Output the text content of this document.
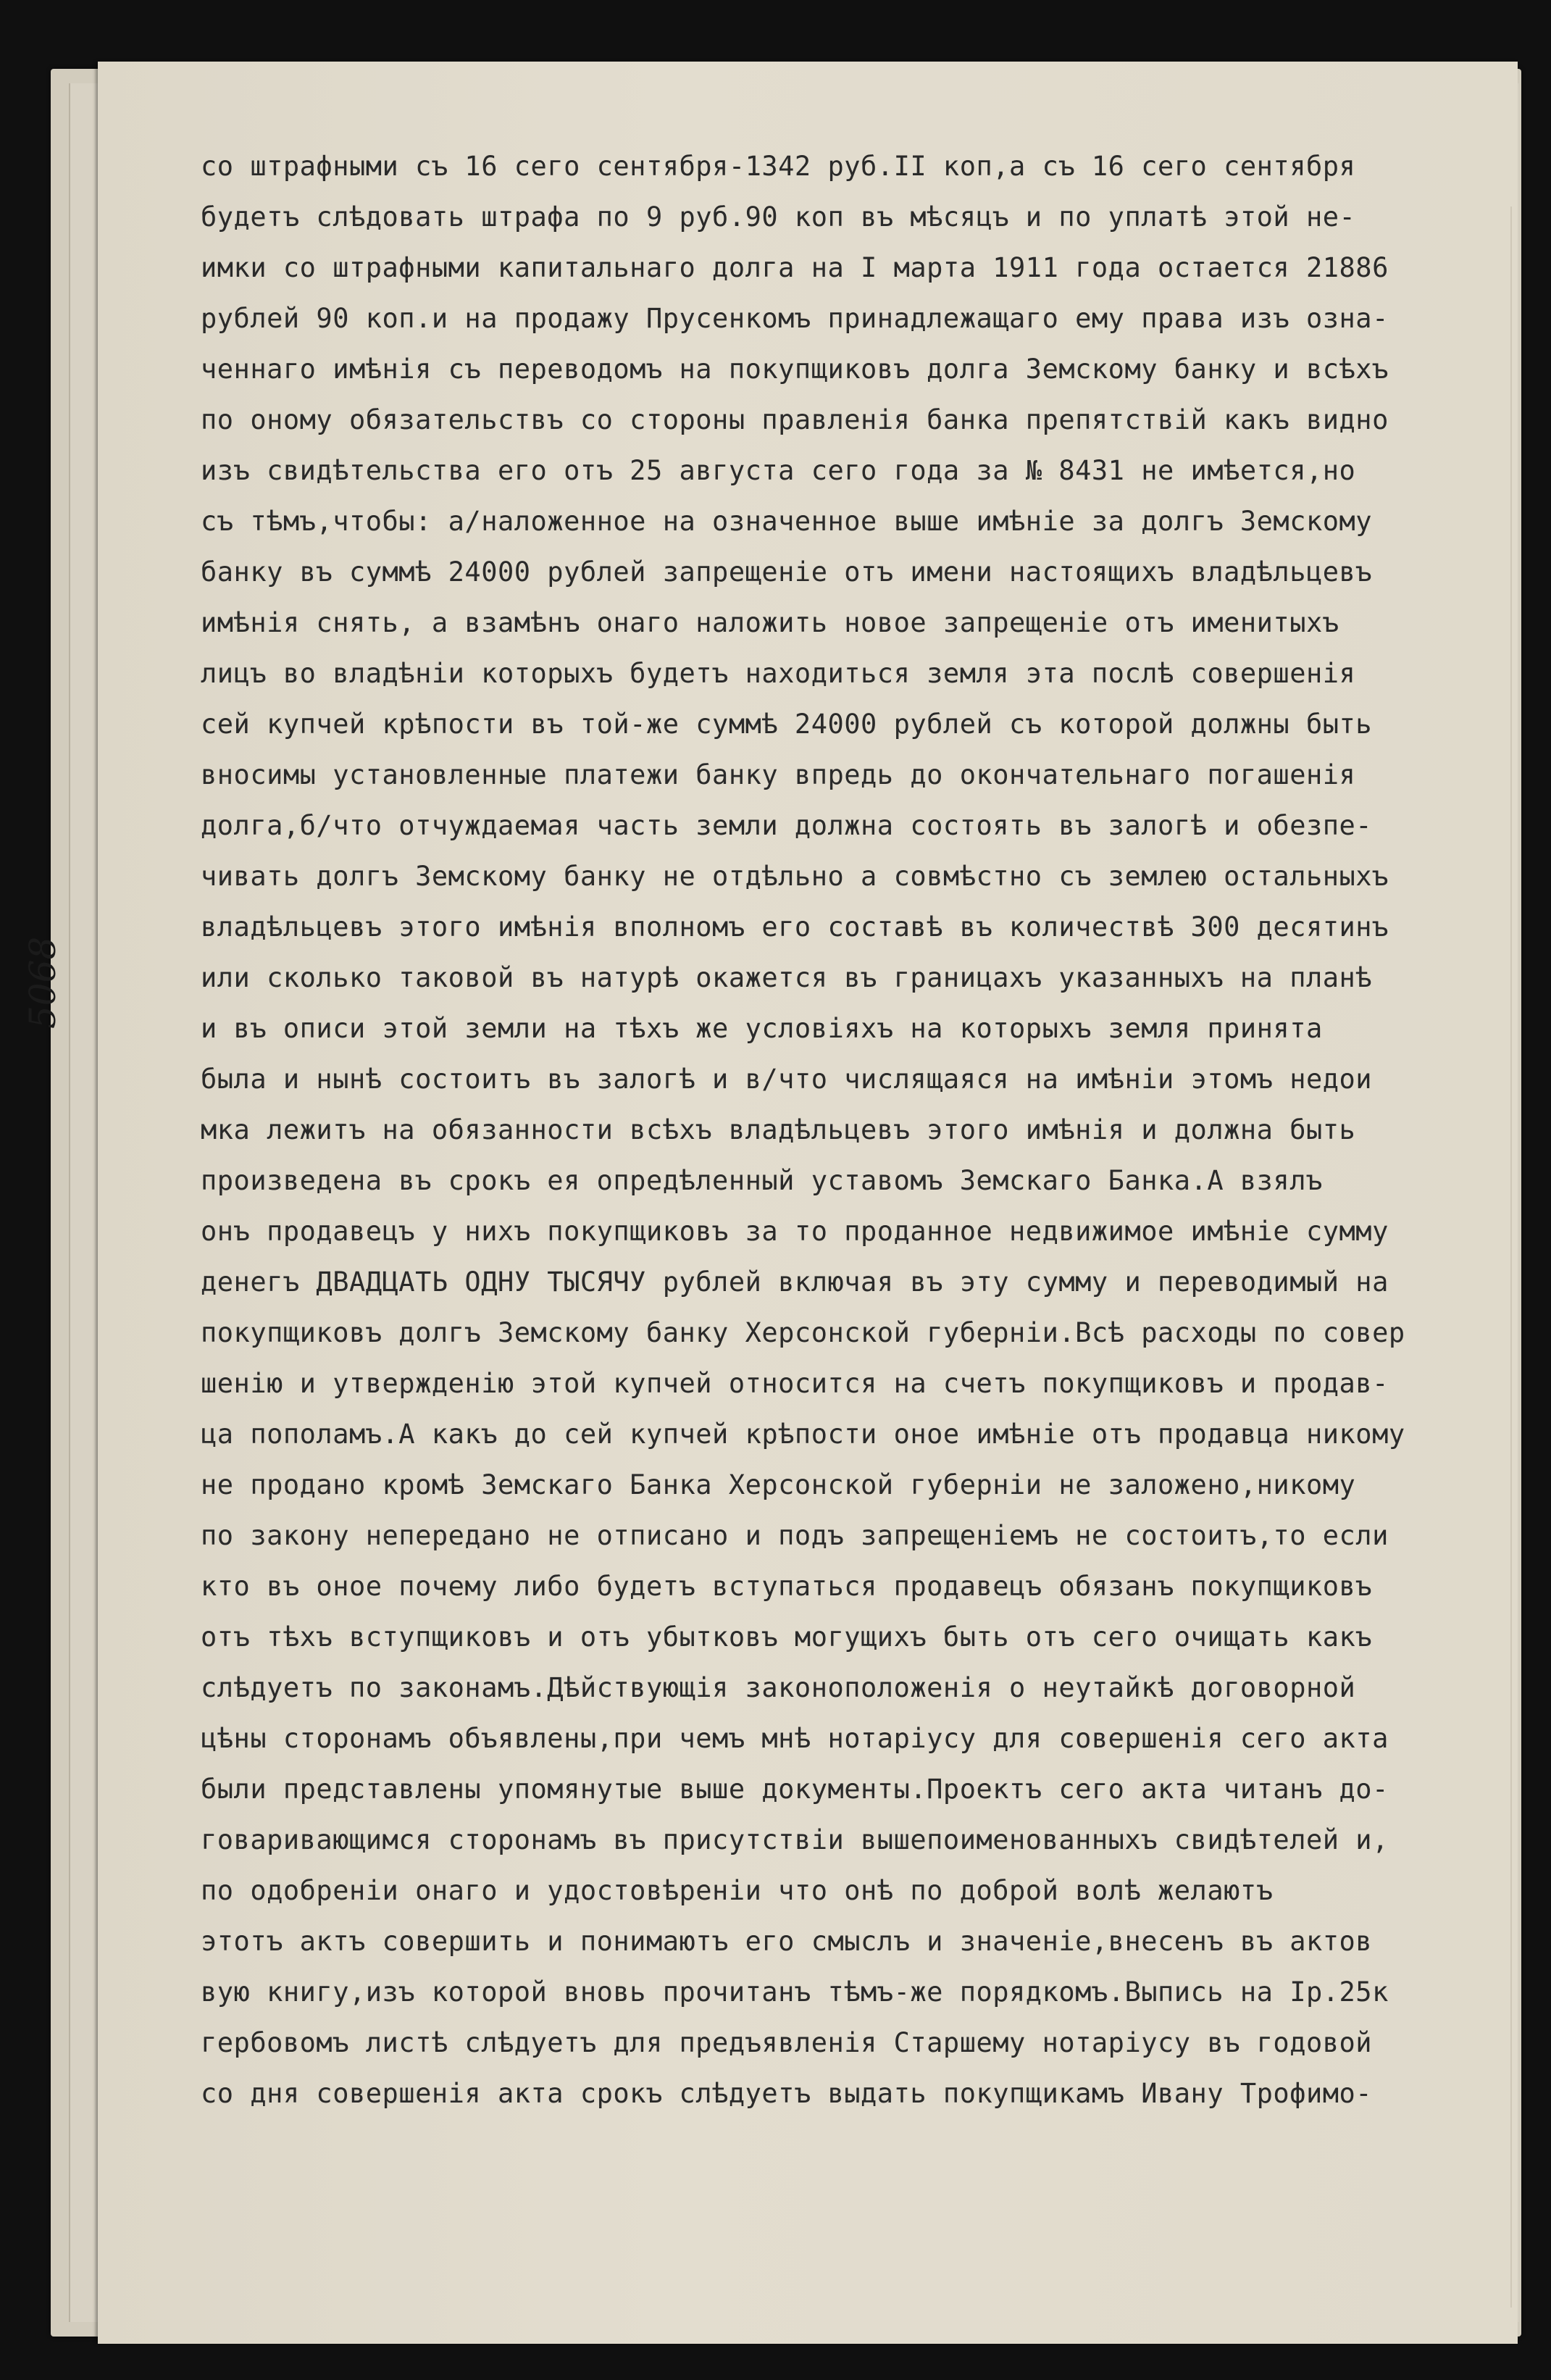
5068
со штрафными съ 16 сего сентября-1342 руб.II коп,а съ 16 сего сентября
будетъ слѣдовать штрафа по 9 руб.90 коп въ мѣсяцъ и по уплатѣ этой не-
имки со штрафными капитальнаго долга на I марта 1911 года остается 21886
рублей 90 коп.и на продажу Прусенкомъ принадлежащаго ему права изъ озна-
ченнаго имѣнія съ переводомъ на покупщиковъ долга Земскому банку и всѣхъ
по оному обязательствъ со стороны правленія банка препятствій какъ видно
изъ свидѣтельства его отъ 25 августа сего года за № 8431 не имѣется,но
съ тѣмъ,чтобы: а/наложенное на означенное выше имѣніе за долгъ Земскому
банку въ суммѣ 24000 рублей запрещеніе отъ имени настоящихъ владѣльцевъ
имѣнія снять, а взамѣнъ онаго наложить новое запрещеніе отъ именитыхъ
лицъ во владѣніи которыхъ будетъ находиться земля эта послѣ совершенія
сей купчей крѣпости въ той-же суммѣ 24000 рублей съ которой должны быть
вносимы установленные платежи банку впредь до окончательнаго погашенія
долга,б/что отчуждаемая часть земли должна состоять въ залогѣ и обезпе-
чивать долгъ Земскому банку не отдѣльно а совмѣстно съ землею остальныхъ
владѣльцевъ этого имѣнія вполномъ его составѣ въ количествѣ 300 десятинъ
или сколько таковой въ натурѣ окажется въ границахъ указанныхъ на планѣ
и въ описи этой земли на тѣхъ же условіяхъ на которыхъ земля принята
была и нынѣ состоитъ въ залогѣ и в/что числящаяся на имѣніи этомъ недои
мка лежитъ на обязанности всѣхъ владѣльцевъ этого имѣнія и должна быть
произведена въ срокъ ея опредѣленный уставомъ Земскаго Банка.А взялъ
онъ продавецъ у нихъ покупщиковъ за то проданное недвижимое имѣніе сумму
денегъ ДВАДЦАТЬ ОДНУ ТЫСЯЧУ рублей включая въ эту сумму и переводимый на
покупщиковъ долгъ Земскому банку Херсонской губерніи.Всѣ расходы по совер
шенію и утвержденію этой купчей относится на счетъ покупщиковъ и продав-
ца пополамъ.А какъ до сей купчей крѣпости оное имѣніе отъ продавца никому
не продано кромѣ Земскаго Банка Херсонской губерніи не заложено,никому
по закону непередано не отписано и подъ запрещеніемъ не состоитъ,то если
кто въ оное почему либо будетъ вступаться продавецъ обязанъ покупщиковъ
отъ тѣхъ вступщиковъ и отъ убытковъ могущихъ быть отъ сего очищать какъ
слѣдуетъ по законамъ.Дѣйствующія законоположенія о неутайкѣ договорной
цѣны сторонамъ объявлены,при чемъ мнѣ нотаріусу для совершенія сего акта
были представлены упомянутые выше документы.Проектъ сего акта читанъ до-
говаривающимся сторонамъ въ присутствіи вышепоименованныхъ свидѣтелей и,
по одобреніи онаго и удостовѣреніи что онѣ по доброй волѣ желаютъ
этотъ актъ совершить и понимаютъ его смыслъ и значеніе,внесенъ въ актов
вую книгу,изъ которой вновь прочитанъ тѣмъ-же порядкомъ.Выпись на Ір.25к
гербовомъ листѣ слѣдуетъ для предъявленія Старшему нотаріусу въ годовой
со дня совершенія акта срокъ слѣдуетъ выдать покупщикамъ Ивану Трофимо-
